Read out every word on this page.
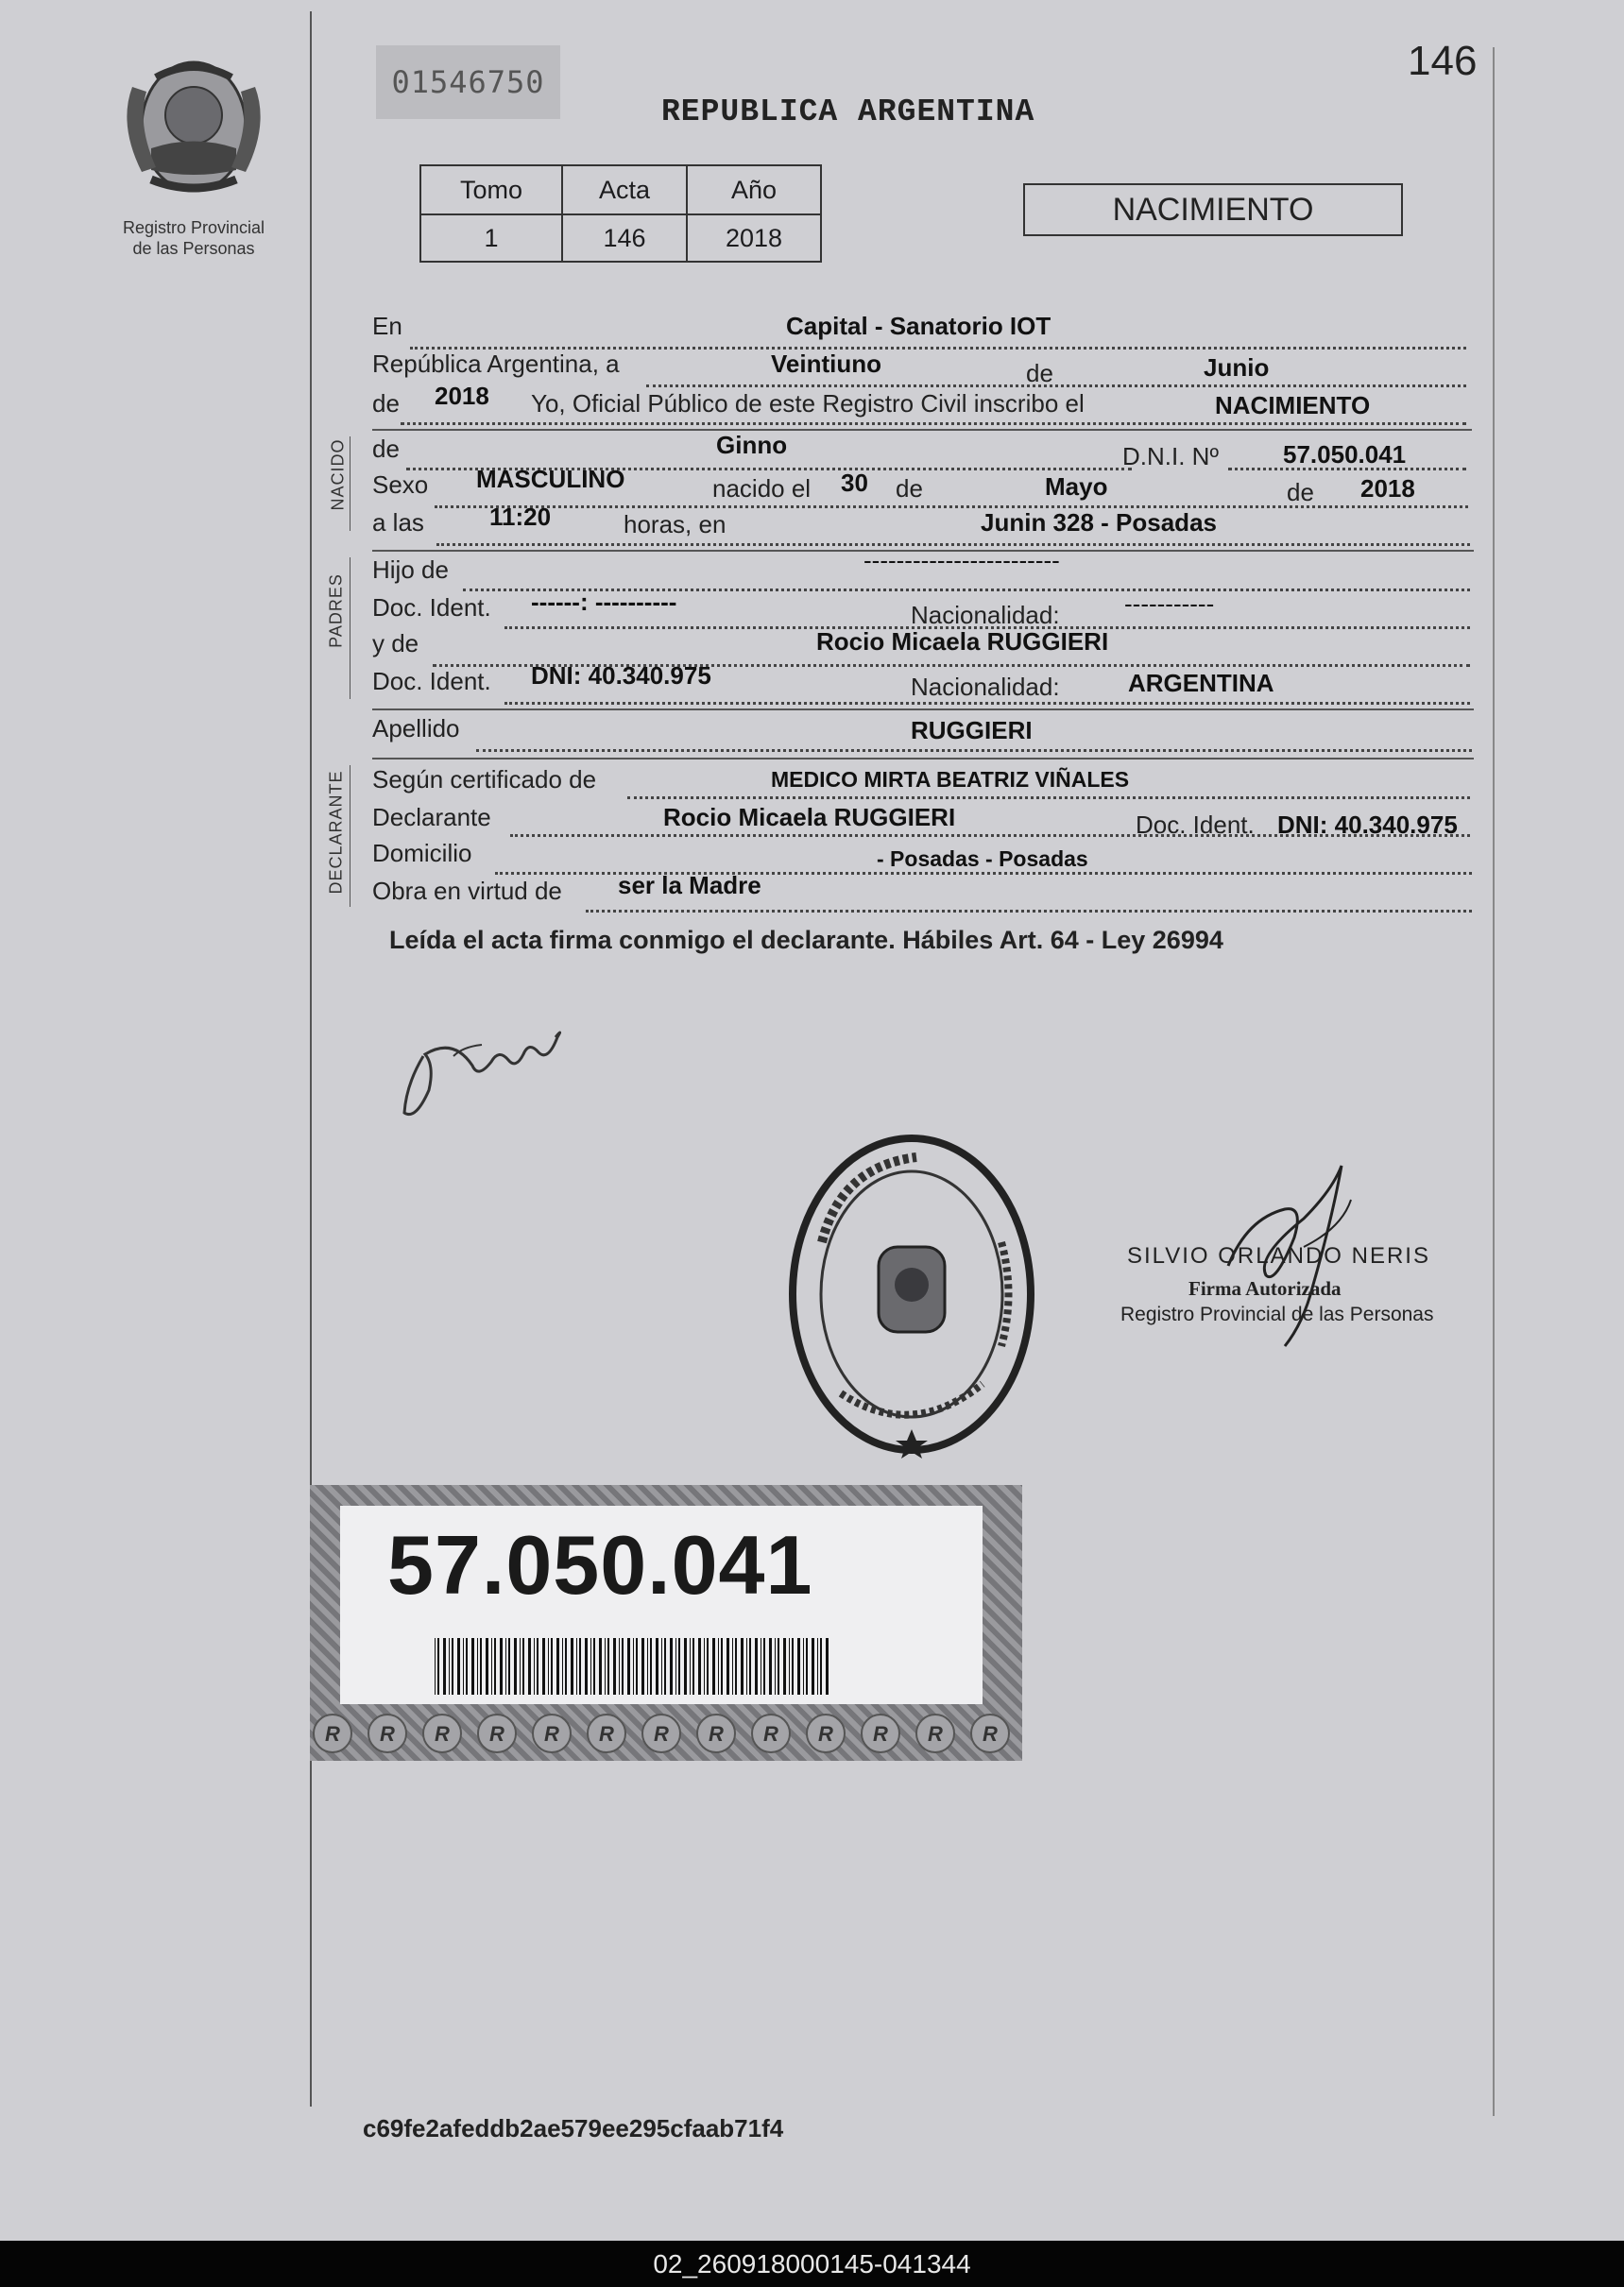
Registro Provincial
de las Personas
01546750	146
REPUBLICA ARGENTINA
Tomo	Acta	Año
1	146	2018
NACIMIENTO
En	Capital - Sanatorio IOT
República Argentina, a	Veintiuno	de	Junio
de 2018 Yo, Oficial Público de este Registro Civil inscribo el	NACIMIENTO
NACIDO de	Ginno	D.N.I. Nº	57.050.041
Sexo MASCULINO	nacido el 30 de	Mayo	de 2018
a las	11:20	horas, en	Junin 328 - Posadas
PADRES
Hijo de	------------------------
Doc. Ident. ------: ----------	Nacionalidad:	-----------
y de	Rocio Micaela RUGGIERI
Doc. Ident. DNI: 40.340.975	Nacionalidad:	ARGENTINA
Apellido	RUGGIERI
DECLARANTE Según certificado de	MEDICO MIRTA BEATRIZ VIÑALES
Declarante	Rocio Micaela RUGGIERI	Doc. Ident. DNI: 40.340.975
Domicilio	- Posadas - Posadas
Obra en virtud de ser la Madre
Leída el acta firma conmigo el declarante. Hábiles Art. 64 - Ley 26994
SILVIO ORLANDO NERIS
Firma Autorizada
Registro Provincial de las Personas
57.050.041
R R R R R R R R R R R R R
c69fe2afeddb2ae579ee295cfaab71f4
02_260918000145-041344
